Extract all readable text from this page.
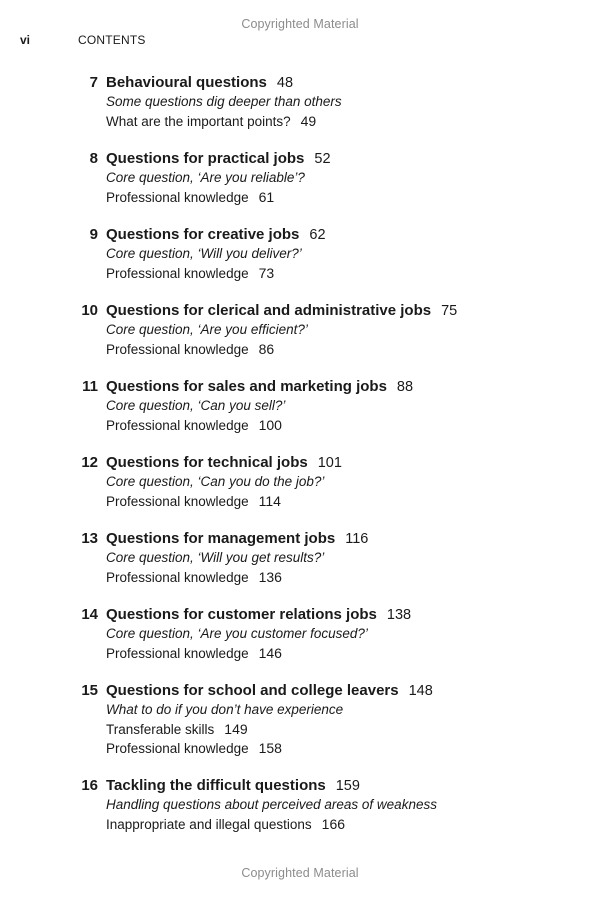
Copyrighted Material
vi	CONTENTS
7 Behavioural questions 48
Some questions dig deeper than others
What are the important points? 49
8 Questions for practical jobs 52
Core question, ‘Are you reliable’?
Professional knowledge 61
9 Questions for creative jobs 62
Core question, ‘Will you deliver?’
Professional knowledge 73
10 Questions for clerical and administrative jobs 75
Core question, ‘Are you efficient?’
Professional knowledge 86
11 Questions for sales and marketing jobs 88
Core question, ‘Can you sell?’
Professional knowledge 100
12 Questions for technical jobs 101
Core question, ‘Can you do the job?’
Professional knowledge 114
13 Questions for management jobs 116
Core question, ‘Will you get results?’
Professional knowledge 136
14 Questions for customer relations jobs 138
Core question, ‘Are you customer focused?’
Professional knowledge 146
15 Questions for school and college leavers 148
What to do if you don’t have experience
Transferable skills 149
Professional knowledge 158
16 Tackling the difficult questions 159
Handling questions about perceived areas of weakness
Inappropriate and illegal questions 166
Copyrighted Material
